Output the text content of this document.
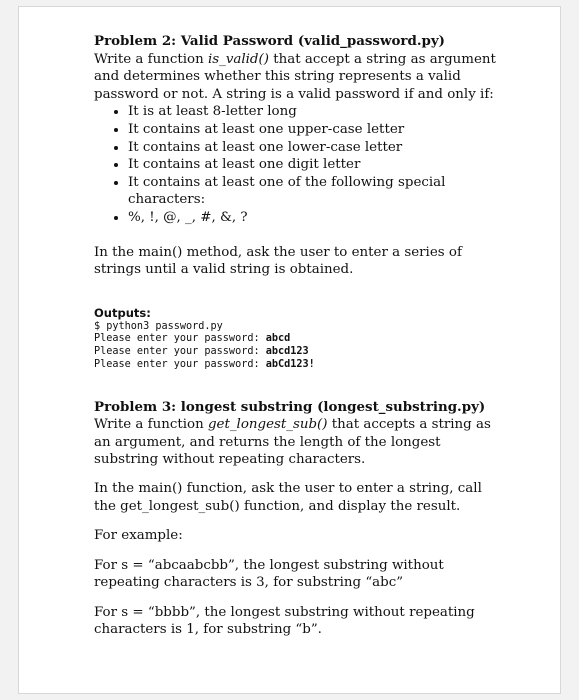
Problem 2: Valid Password (valid_password.py)

Write a function is_valid() that accept a string as argument and determines whether this string represents a valid password or not. A string is a valid password if and only if:

• It is at least 8-letter long
• It contains at least one upper-case letter
• It contains at least one lower-case letter
• It contains at least one digit letter
• It contains at least one of the following special characters:
• %, !, @, _, #, &, ?

In the main() method, ask the user to enter a series of strings until a valid string is obtained.

Outputs:
$ python3 password.py
Please enter your password: abcd
Please enter your password: abcd123
Please enter your password: abCd123!

Problem 3: longest substring (longest_substring.py)

Write a function get_longest_sub() that accepts a string as an argument, and returns the length of the longest substring without repeating characters.

In the main() function, ask the user to enter a string, call the get_longest_sub() function, and display the result.

For example:

For s = “abcaabcbb”, the longest substring without repeating characters is 3, for substring “abc”

For s = “bbbb”, the longest substring without repeating characters is 1, for substring “b”.
